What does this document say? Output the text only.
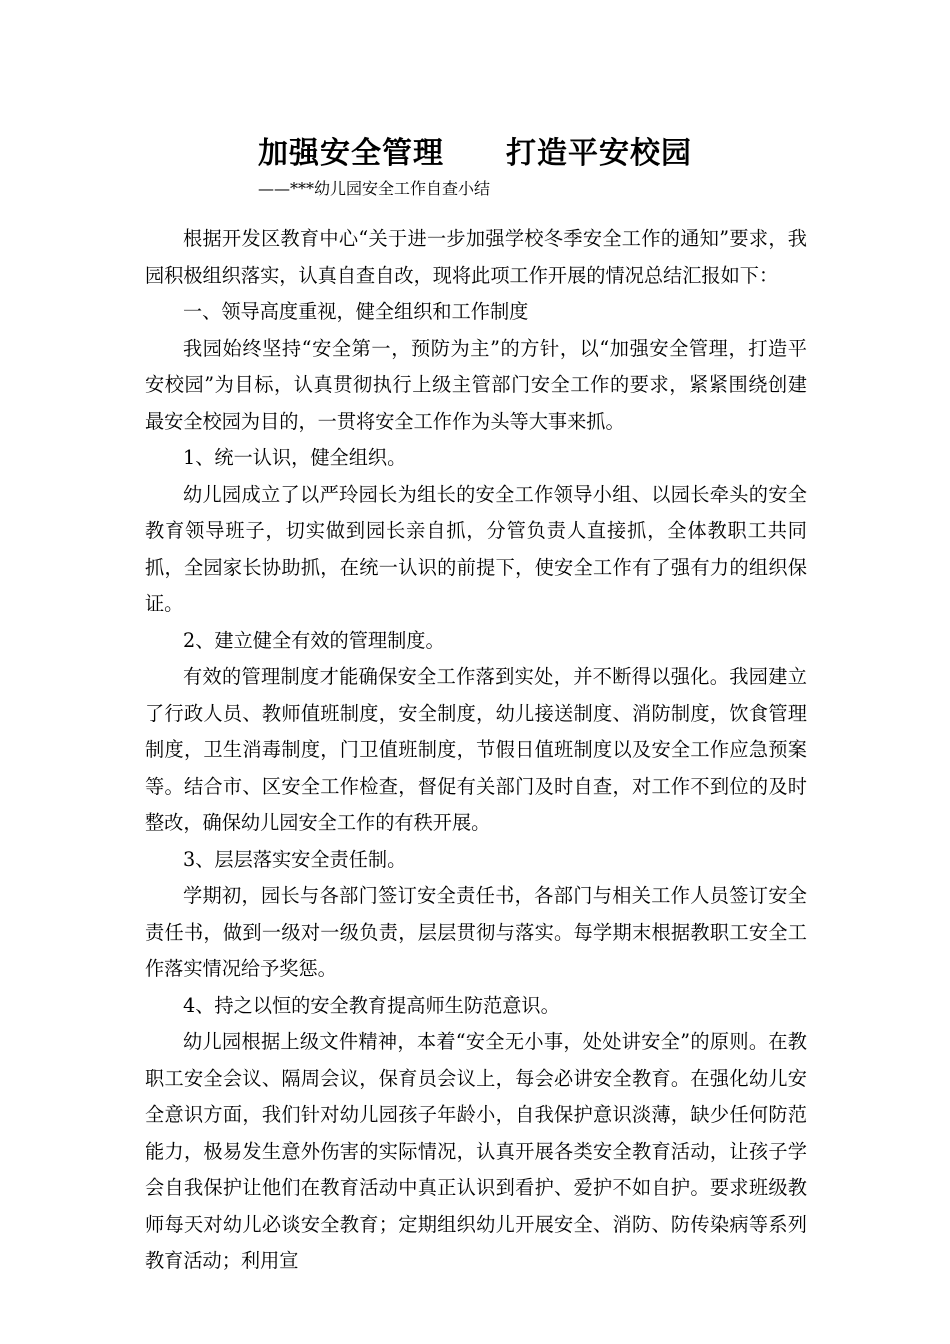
加强安全管理　　打造平安校园
——***幼儿园安全工作自查小结

根据开发区教育中心“关于进一步加强学校冬季安全工作的通知”要求，我园积极组织落实，认真自查自改，现将此项工作开展的情况总结汇报如下：

一、领导高度重视，健全组织和工作制度

我园始终坚持“安全第一，预防为主”的方针，以“加强安全管理，打造平安校园”为目标，认真贯彻执行上级主管部门安全工作的要求，紧紧围绕创建最安全校园为目的，一贯将安全工作作为头等大事来抓。

1、统一认识，健全组织。

幼儿园成立了以严玲园长为组长的安全工作领导小组、以园长牵头的安全教育领导班子，切实做到园长亲自抓，分管负责人直接抓，全体教职工共同抓，全园家长协助抓，在统一认识的前提下，使安全工作有了强有力的组织保证。

2、建立健全有效的管理制度。

有效的管理制度才能确保安全工作落到实处，并不断得以强化。我园建立了行政人员、教师值班制度，安全制度，幼儿接送制度、消防制度，饮食管理制度，卫生消毒制度，门卫值班制度，节假日值班制度以及安全工作应急预案等。结合市、区安全工作检查，督促有关部门及时自查，对工作不到位的及时整改，确保幼儿园安全工作的有秩开展。

3、层层落实安全责任制。

学期初，园长与各部门签订安全责任书，各部门与相关工作人员签订安全责任书，做到一级对一级负责，层层贯彻与落实。每学期末根据教职工安全工作落实情况给予奖惩。

4、持之以恒的安全教育提高师生防范意识。

幼儿园根据上级文件精神，本着“安全无小事，处处讲安全”的原则。在教职工安全会议、隔周会议，保育员会议上，每会必讲安全教育。在强化幼儿安全意识方面，我们针对幼儿园孩子年龄小，自我保护意识淡薄，缺少任何防范能力，极易发生意外伤害的实际情况，认真开展各类安全教育活动，让孩子学会自我保护让他们在教育活动中真正认识到看护、爱护不如自护。要求班级教师每天对幼儿必谈安全教育；定期组织幼儿开展安全、消防、防传染病等系列教育活动；利用宣
